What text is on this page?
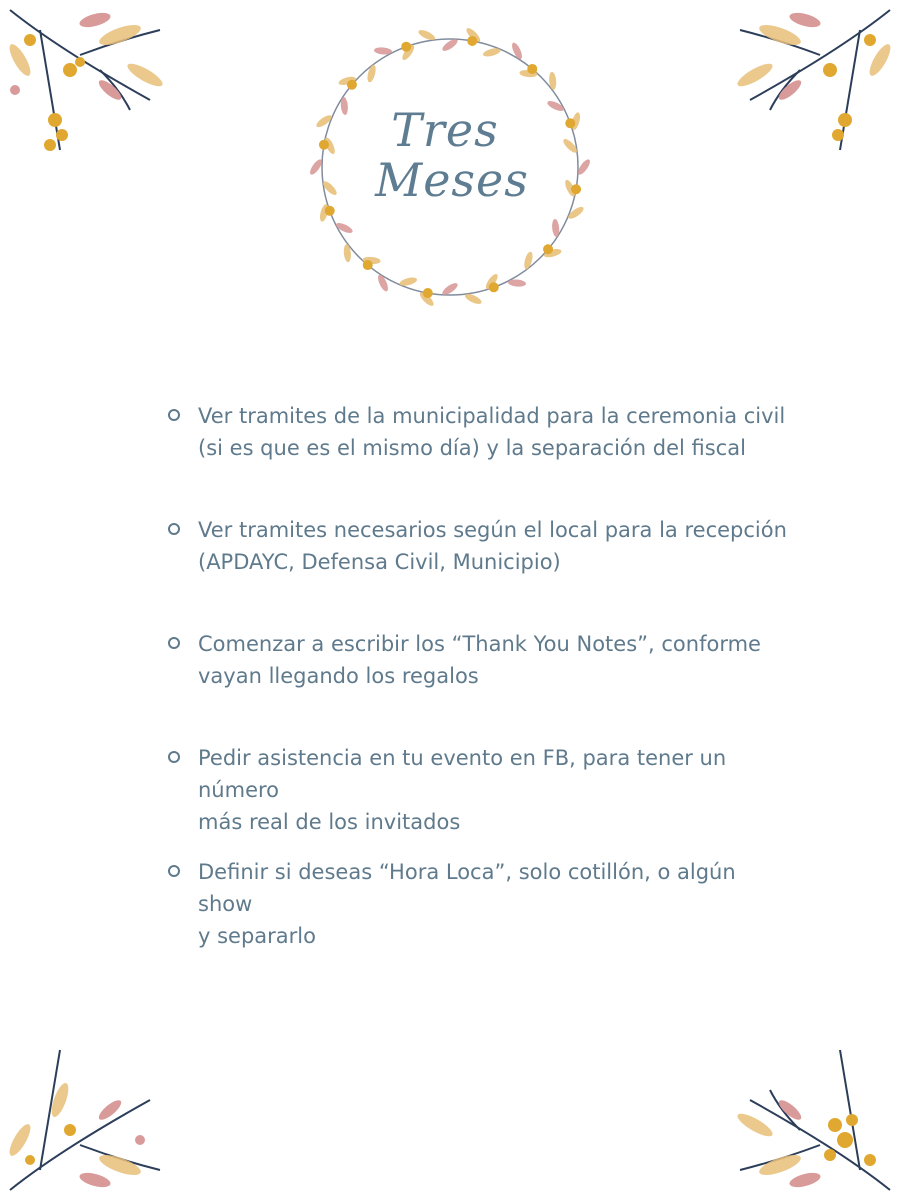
Tres
Meses
Ver tramites de la municipalidad para la ceremonia civil
(si es que es el mismo día) y la separación del fiscal
Ver tramites necesarios según el local para la recepción
(APDAYC, Defensa Civil, Municipio)
Comenzar a escribir los “Thank You Notes”, conforme
vayan llegando los regalos
Pedir asistencia en tu evento en FB, para tener un número
más real de los invitados
Definir si deseas “Hora Loca”, solo cotillón, o algún show
y separarlo
